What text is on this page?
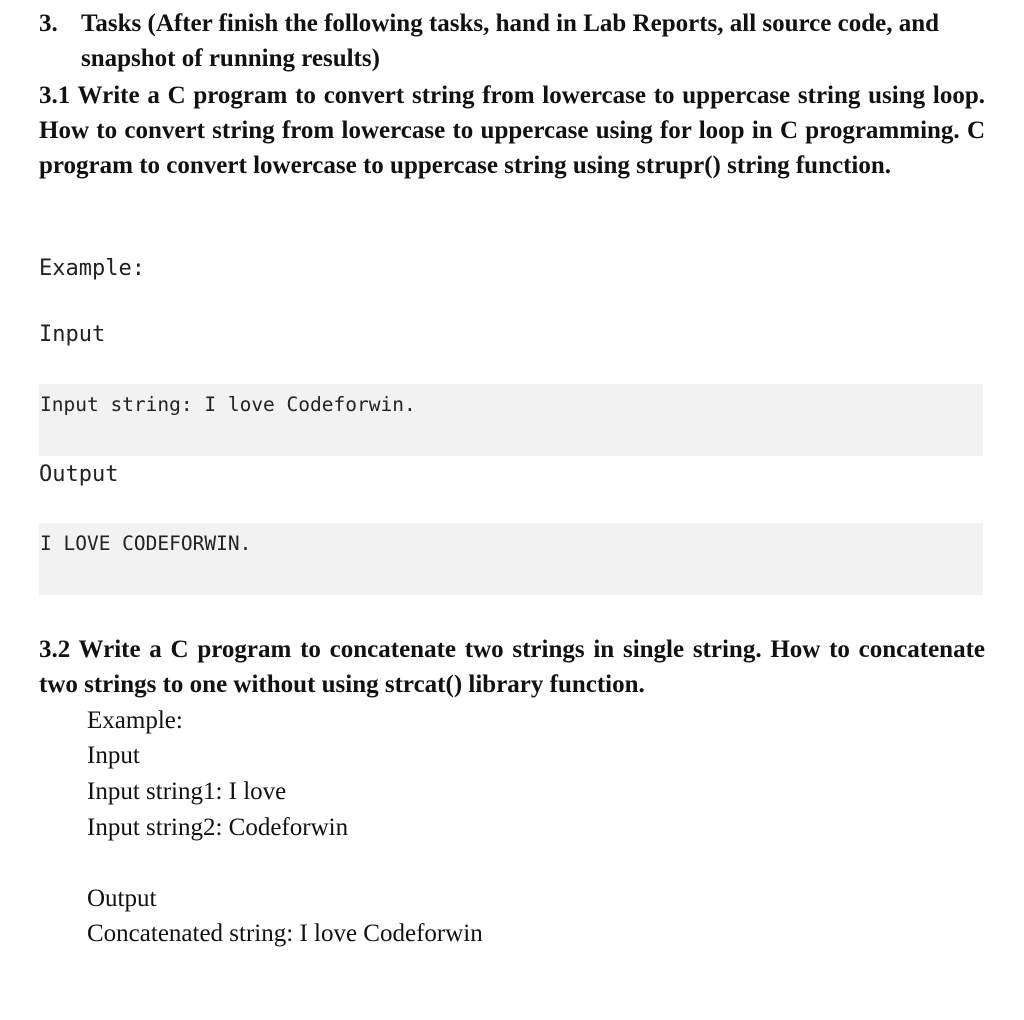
3. Tasks (After finish the following tasks, hand in Lab Reports, all source code, and snapshot of running results)

3.1 Write a C program to convert string from lowercase to uppercase string using loop. How to convert string from lowercase to uppercase using for loop in C programming. C program to convert lowercase to uppercase string using strupr() string function.

Example:
Input
Input string: I love Codeforwin.
Output
I LOVE CODEFORWIN.

3.2 Write a C program to concatenate two strings in single string. How to concatenate two strings to one without using strcat() library function.

Example:
Input
Input string1: I love
Input string2: Codeforwin
Output
Concatenated string: I love Codeforwin
